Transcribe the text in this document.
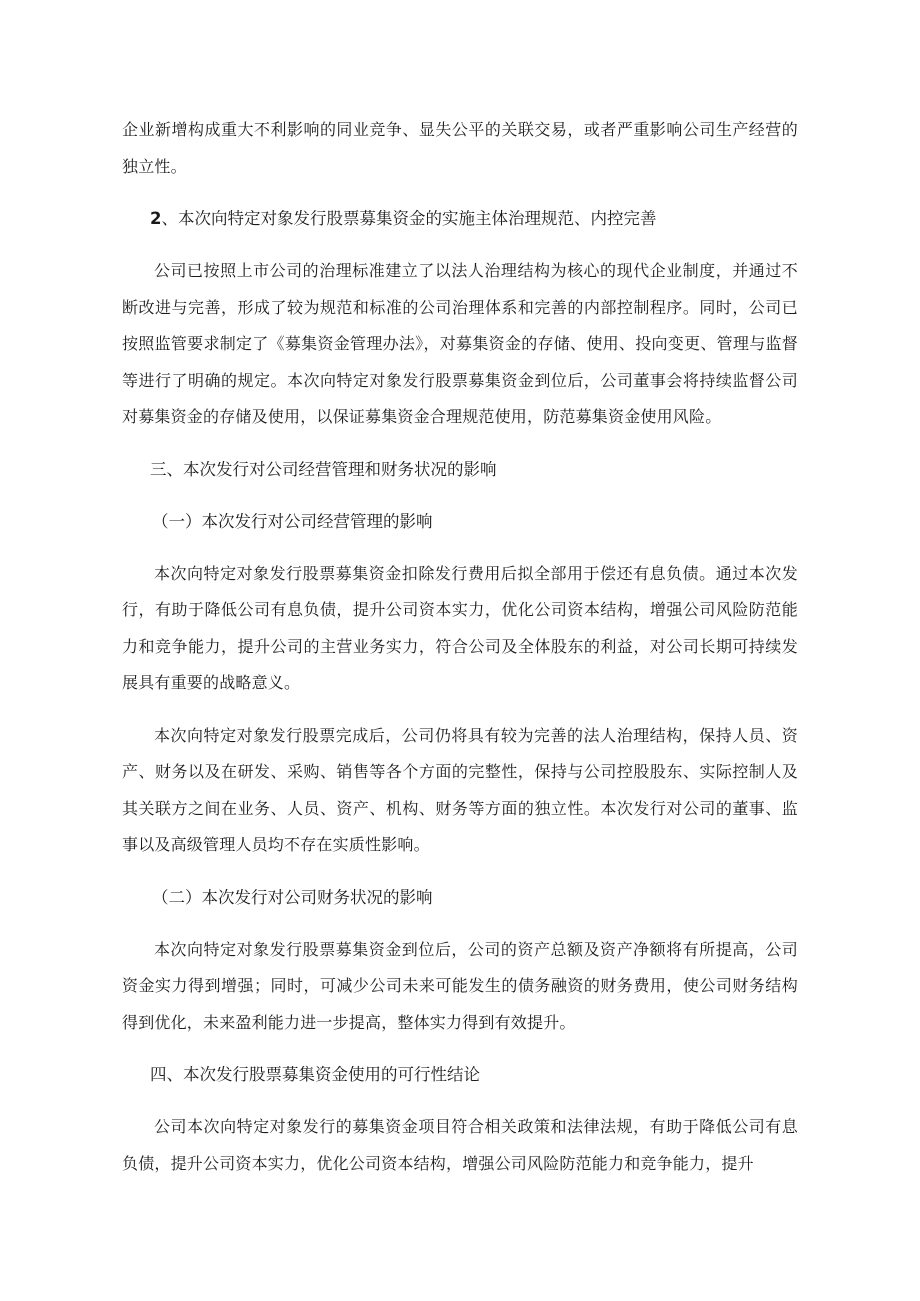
企业新增构成重大不利影响的同业竞争、显失公平的关联交易，或者严重影响公司生产经营的独立性。

2、本次向特定对象发行股票募集资金的实施主体治理规范、内控完善

公司已按照上市公司的治理标准建立了以法人治理结构为核心的现代企业制度，并通过不断改进与完善，形成了较为规范和标准的公司治理体系和完善的内部控制程序。同时，公司已按照监管要求制定了《募集资金管理办法》，对募集资金的存储、使用、投向变更、管理与监督等进行了明确的规定。本次向特定对象发行股票募集资金到位后，公司董事会将持续监督公司对募集资金的存储及使用，以保证募集资金合理规范使用，防范募集资金使用风险。

三、本次发行对公司经营管理和财务状况的影响
（一）本次发行对公司经营管理的影响

本次向特定对象发行股票募集资金扣除发行费用后拟全部用于偿还有息负债。通过本次发行，有助于降低公司有息负债，提升公司资本实力，优化公司资本结构，增强公司风险防范能力和竞争能力，提升公司的主营业务实力，符合公司及全体股东的利益，对公司长期可持续发展具有重要的战略意义。

本次向特定对象发行股票完成后，公司仍将具有较为完善的法人治理结构，保持人员、资产、财务以及在研发、采购、销售等各个方面的完整性，保持与公司控股股东、实际控制人及其关联方之间在业务、人员、资产、机构、财务等方面的独立性。本次发行对公司的董事、监事以及高级管理人员均不存在实质性影响。

（二）本次发行对公司财务状况的影响

本次向特定对象发行股票募集资金到位后，公司的资产总额及资产净额将有所提高，公司资金实力得到增强；同时，可减少公司未来可能发生的债务融资的财务费用，使公司财务结构得到优化，未来盈利能力进一步提高，整体实力得到有效提升。

四、本次发行股票募集资金使用的可行性结论

公司本次向特定对象发行的募集资金项目符合相关政策和法律法规，有助于降低公司有息负债，提升公司资本实力，优化公司资本结构，增强公司风险防范能力和竞争能力，提升
